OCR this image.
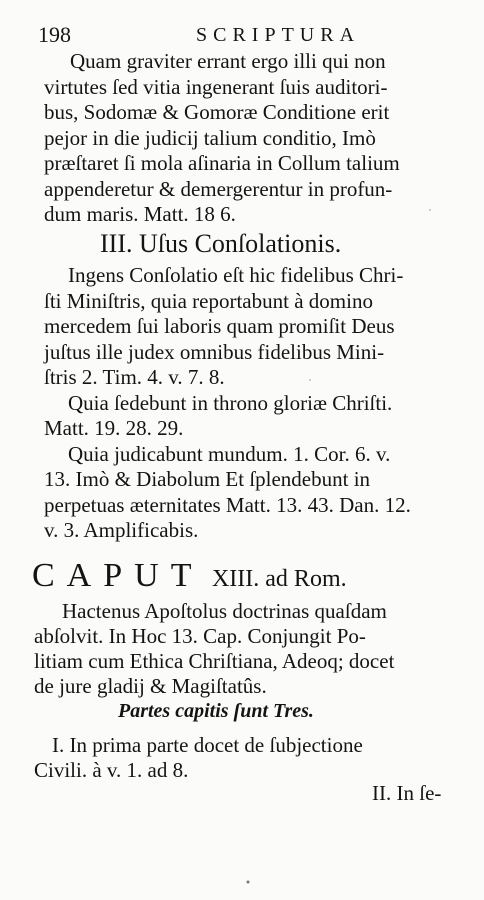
198	SCRIPTURA
Quam graviter errant ergo illi qui non
virtutes ſed vitia ingenerant ſuis auditori-
bus, Sodomæ & Gomoræ Conditione erit
pejor in die judicij talium conditio, Imò
præſtaret ſi mola aſinaria in Collum talium
appenderetur & demergerentur in profun-
dum maris. Matt. 18 6.
III. Uſus Conſolationis.
Ingens Conſolatio eſt hic fidelibus Chri-
ſti Miniſtris, quia reportabunt à domino
mercedem ſui laboris quam promiſit Deus
juſtus ille judex omnibus fidelibus Mini-
ſtris 2. Tim. 4. v. 7. 8.
Quia ſedebunt in throno gloriæ Chriſti.
Matt. 19. 28. 29.
Quia judicabunt mundum. 1. Cor. 6. v.
13. Imò & Diabolum Et ſplendebunt in
perpetuas æternitates Matt. 13. 43. Dan. 12.
v. 3. Amplificabis.
CAPUT XIII. ad Rom.
Hactenus Apoſtolus doctrinas quaſdam
abſolvit. In Hoc 13. Cap. Conjungit Po-
litiam cum Ethica Chriſtiana, Adeoq; docet
de jure gladij & Magiſtatûs.
Partes capitis ſunt Tres.
I. In prima parte docet de ſubjectione
Civili. à v. 1. ad 8.
II. In ſe-
